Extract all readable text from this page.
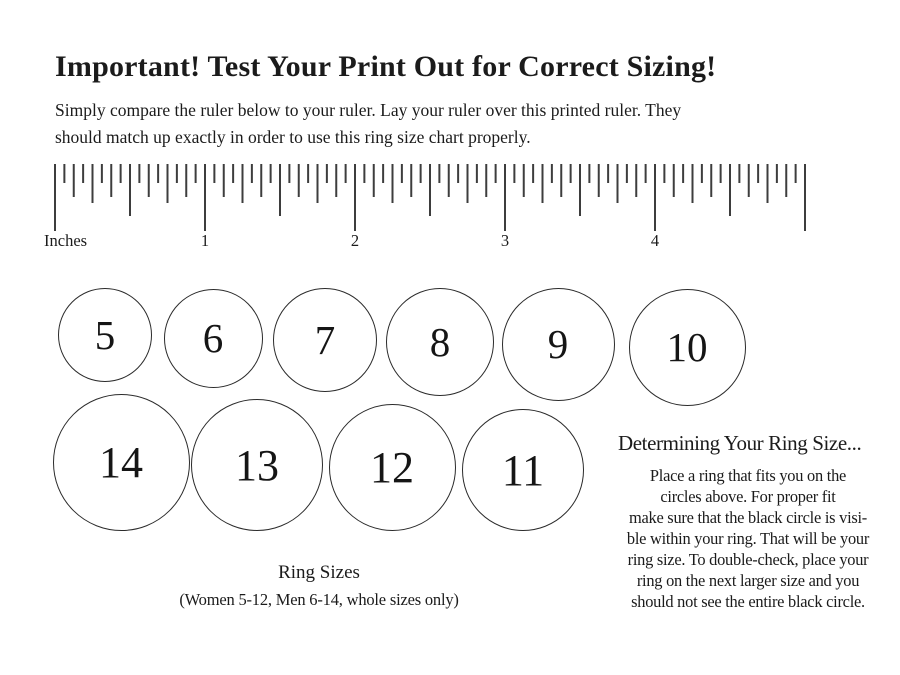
Important! Test Your Print Out for Correct Sizing!
Simply compare the ruler below to your ruler. Lay your ruler over this printed ruler. They
should match up exactly in order to use this ring size chart properly.
Inches	1	2	3	4
5 6 7 8 9 10
14 13 12 11
Ring Sizes
(Women 5-12, Men 6-14, whole sizes only)
Determining Your Ring Size...
Place a ring that fits you on the
circles above. For proper fit
make sure that the black circle is visi-
ble within your ring. That will be your
ring size. To double-check, place your
ring on the next larger size and you
should not see the entire black circle.
